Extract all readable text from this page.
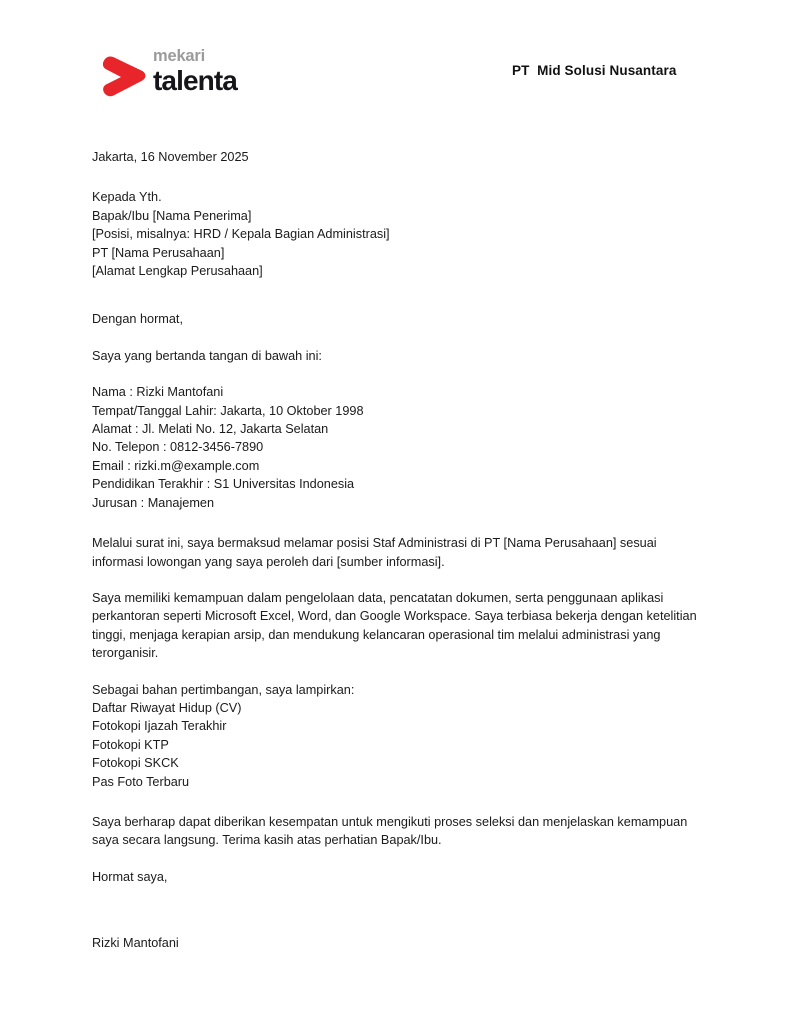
mekari
talenta	PT  Mid Solusi Nusantara
Jakarta, 16 November 2025
Kepada Yth.
Bapak/Ibu [Nama Penerima]
[Posisi, misalnya: HRD / Kepala Bagian Administrasi]
PT [Nama Perusahaan]
[Alamat Lengkap Perusahaan]
Dengan hormat,
Saya yang bertanda tangan di bawah ini:
Nama : Rizki Mantofani
Tempat/Tanggal Lahir: Jakarta, 10 Oktober 1998
Alamat : Jl. Melati No. 12, Jakarta Selatan
No. Telepon : 0812-3456-7890
Email : rizki.m@example.com
Pendidikan Terakhir : S1 Universitas Indonesia
Jurusan : Manajemen

Melalui surat ini, saya bermaksud melamar posisi Staf Administrasi di PT [Nama Perusahaan] sesuai informasi lowongan yang saya peroleh dari [sumber informasi].

Saya memiliki kemampuan dalam pengelolaan data, pencatatan dokumen, serta penggunaan aplikasi perkantoran seperti Microsoft Excel, Word, dan Google Workspace. Saya terbiasa bekerja dengan ketelitian tinggi, menjaga kerapian arsip, dan mendukung kelancaran operasional tim melalui administrasi yang terorganisir.

Sebagai bahan pertimbangan, saya lampirkan:
Daftar Riwayat Hidup (CV)
Fotokopi Ijazah Terakhir
Fotokopi KTP
Fotokopi SKCK
Pas Foto Terbaru

Saya berharap dapat diberikan kesempatan untuk mengikuti proses seleksi dan menjelaskan kemampuan saya secara langsung. Terima kasih atas perhatian Bapak/Ibu.

Hormat saya,
Rizki Mantofani
